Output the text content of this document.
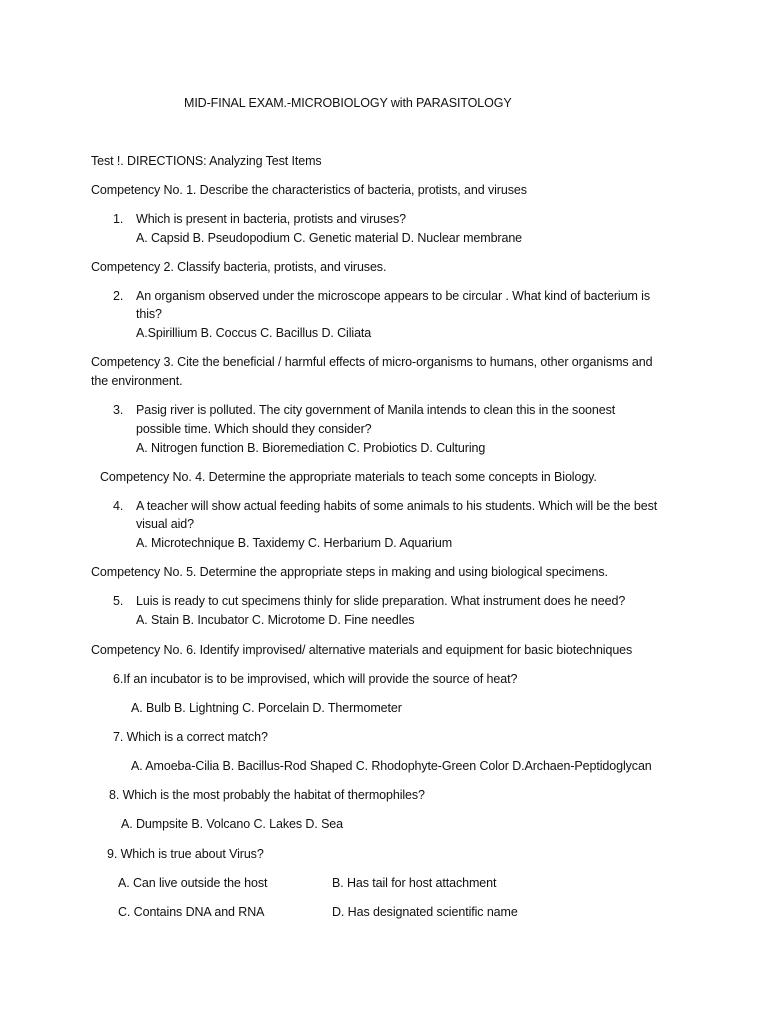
MID-FINAL EXAM.-MICROBIOLOGY with PARASITOLOGY
Test !. DIRECTIONS: Analyzing Test Items
Competency No. 1. Describe the characteristics of bacteria, protists, and viruses
1. Which is present in bacteria, protists and viruses?
A. Capsid B. Pseudopodium C. Genetic material D. Nuclear membrane
Competency 2. Classify bacteria, protists, and viruses.
2. An organism observed under the microscope appears to be circular . What kind of bacterium is
this?
A.Spirillium B. Coccus C. Bacillus D. Ciliata
Competency 3. Cite the beneficial / harmful effects of micro-organisms to humans, other organisms and
the environment.
3. Pasig river is polluted. The city government of Manila intends to clean this in the soonest
possible time. Which should they consider?
A. Nitrogen function B. Bioremediation C. Probiotics D. Culturing
Competency No. 4. Determine the appropriate materials to teach some concepts in Biology.
4. A teacher will show actual feeding habits of some animals to his students. Which will be the best
visual aid?
A. Microtechnique B. Taxidemy C. Herbarium D. Aquarium
Competency No. 5. Determine the appropriate steps in making and using biological specimens.
5. Luis is ready to cut specimens thinly for slide preparation. What instrument does he need?
A. Stain B. Incubator C. Microtome D. Fine needles
Competency No. 6. Identify improvised/ alternative materials and equipment for basic biotechniques
6.If an incubator is to be improvised, which will provide the source of heat?
A. Bulb B. Lightning C. Porcelain D. Thermometer
7. Which is a correct match?
A. Amoeba-Cilia B. Bacillus-Rod Shaped C. Rhodophyte-Green Color D.Archaen-Peptidoglycan
8. Which is the most probably the habitat of thermophiles?
A. Dumpsite B. Volcano C. Lakes D. Sea
9. Which is true about Virus?
A. Can live outside the host	B. Has tail for host attachment
C. Contains DNA and RNA	D. Has designated scientific name
